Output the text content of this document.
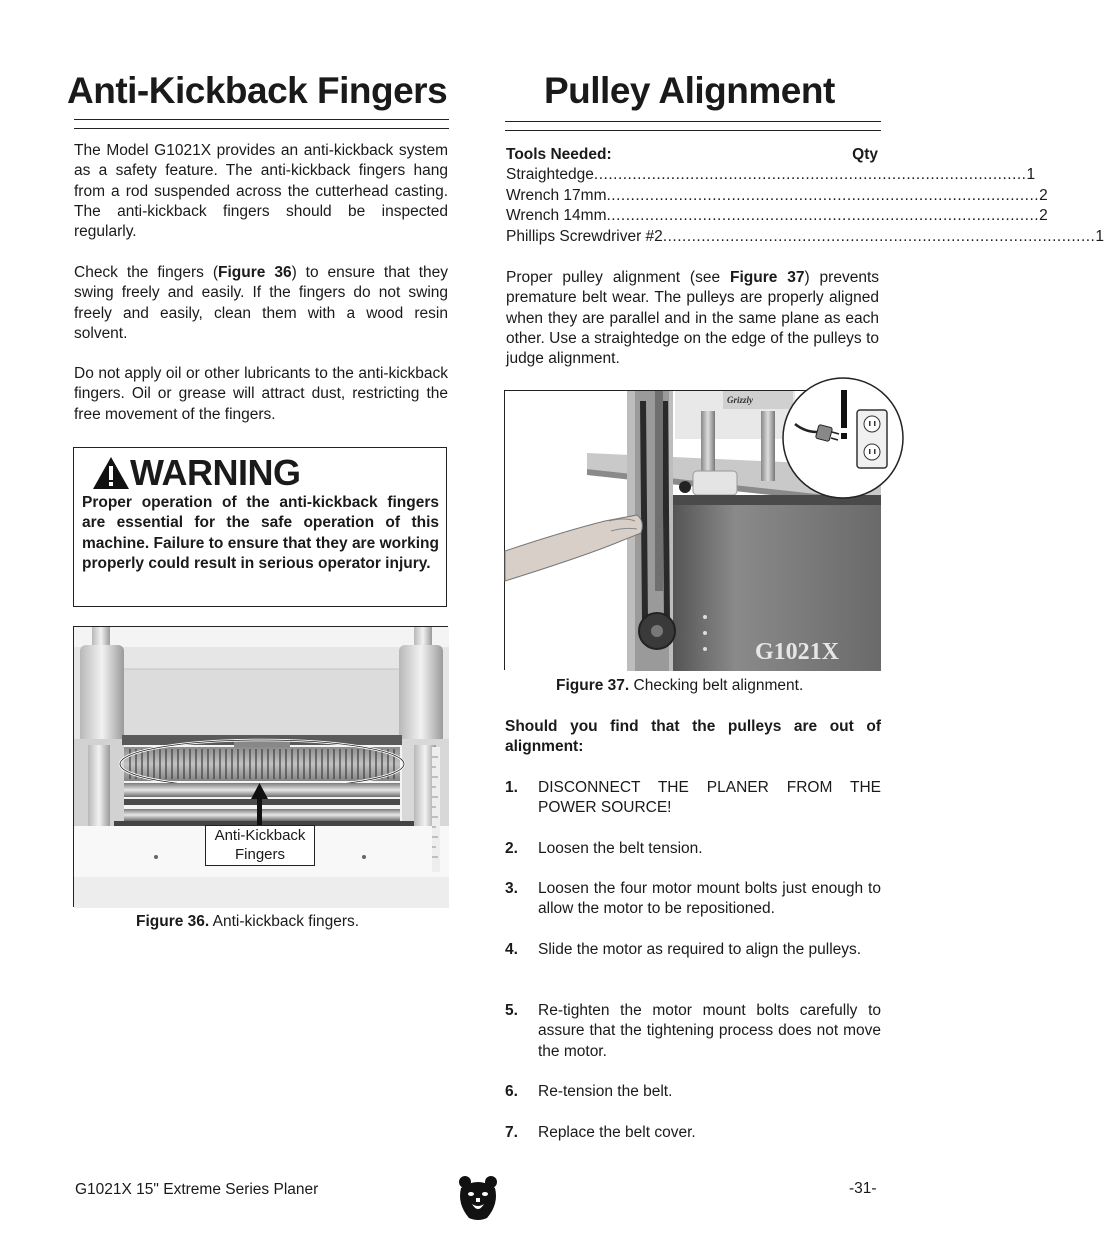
Anti-Kickback Fingers

The Model G1021X provides an anti-kickback system as a safety feature. The anti-kickback fingers hang from a rod suspended across the cutterhead casting. The anti-kickback fingers should be inspected regularly.

Check the fingers (Figure 36) to ensure that they swing freely and easily. If the fingers do not swing freely and easily, clean them with a wood resin solvent.

Do not apply oil or other lubricants to the anti-kickback fingers. Oil or grease will attract dust, restricting the free movement of the fingers.

WARNING

Proper operation of the anti-kickback fingers are essential for the safe operation of this machine. Failure to ensure that they are working properly could result in serious operator injury.

Anti-Kickback
Fingers
Figure 36. Anti-kickback fingers.
Pulley Alignment
Tools Needed:	Qty
Straightedge .......................................................................................... 1
Wrench 17mm .......................................................................................... 2
Wrench 14mm .......................................................................................... 2
Phillips Screwdriver #2 .......................................................................................... 1

Proper pulley alignment (see Figure 37) prevents premature belt wear. The pulleys are properly aligned when they are parallel and in the same plane as each other. Use a straightedge on the edge of the pulleys to judge alignment.

Grizzly
G1021X
Figure 37. Checking belt alignment.

Should you find that the pulleys are out of alignment:

1. DISCONNECT THE PLANER FROM THE POWER SOURCE!
2. Loosen the belt tension.
3. Loosen the four motor mount bolts just enough to allow the motor to be repositioned.
4. Slide the motor as required to align the pulleys.
5. Re-tighten the motor mount bolts carefully to assure that the tightening process does not move the motor.
6. Re-tension the belt.
7. Replace the belt cover.
G1021X 15" Extreme Series Planer	-31-
